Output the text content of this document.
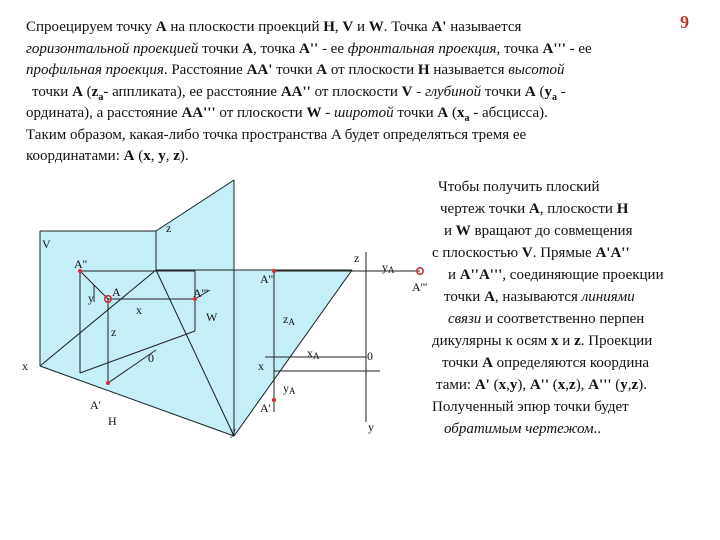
9
Спроецируем точку A на плоскости проекций H, V и W. Точка A' называется
горизонтальной проекцией точки A, точка A'' - ее фронтальная проекция, точка A''' - ее
профильная проекция. Расстояние AA' точки A от плоскости H называется высотой
точки A ($z_a-$ аппликата), ее расстояние AA'' от плоскости V - глубиной точки A ($y_a$ -
ордината), а расстояние AA''' от плоскости W - широтой точки A ($x_a$ - абсцисса).
Таким образом, какая-либо точка пространства A будет определяться тремя ее
координатами: A (x, y, z).
Чтобы получить плоский
чертеж точки A, плоскости H
и W вращают до совмещения
с плоскостью V. Прямые A'A''
и A''A''', соединяющие проекции
точки A, называются линиями
связи и соответственно перпен
дикулярны к осям x и z. Проекции
точки A определяются координа
тами: A' (x,y), A'' (x,z), A''' (y,z).
Полученный эпюр точки будет
обратимым чертежом..
V
z
A''
y A	A'''
x	W
z
0
x
A'
H
y
z
yA
A''
A'''
zA
xA	0
x
yA
A'
y
